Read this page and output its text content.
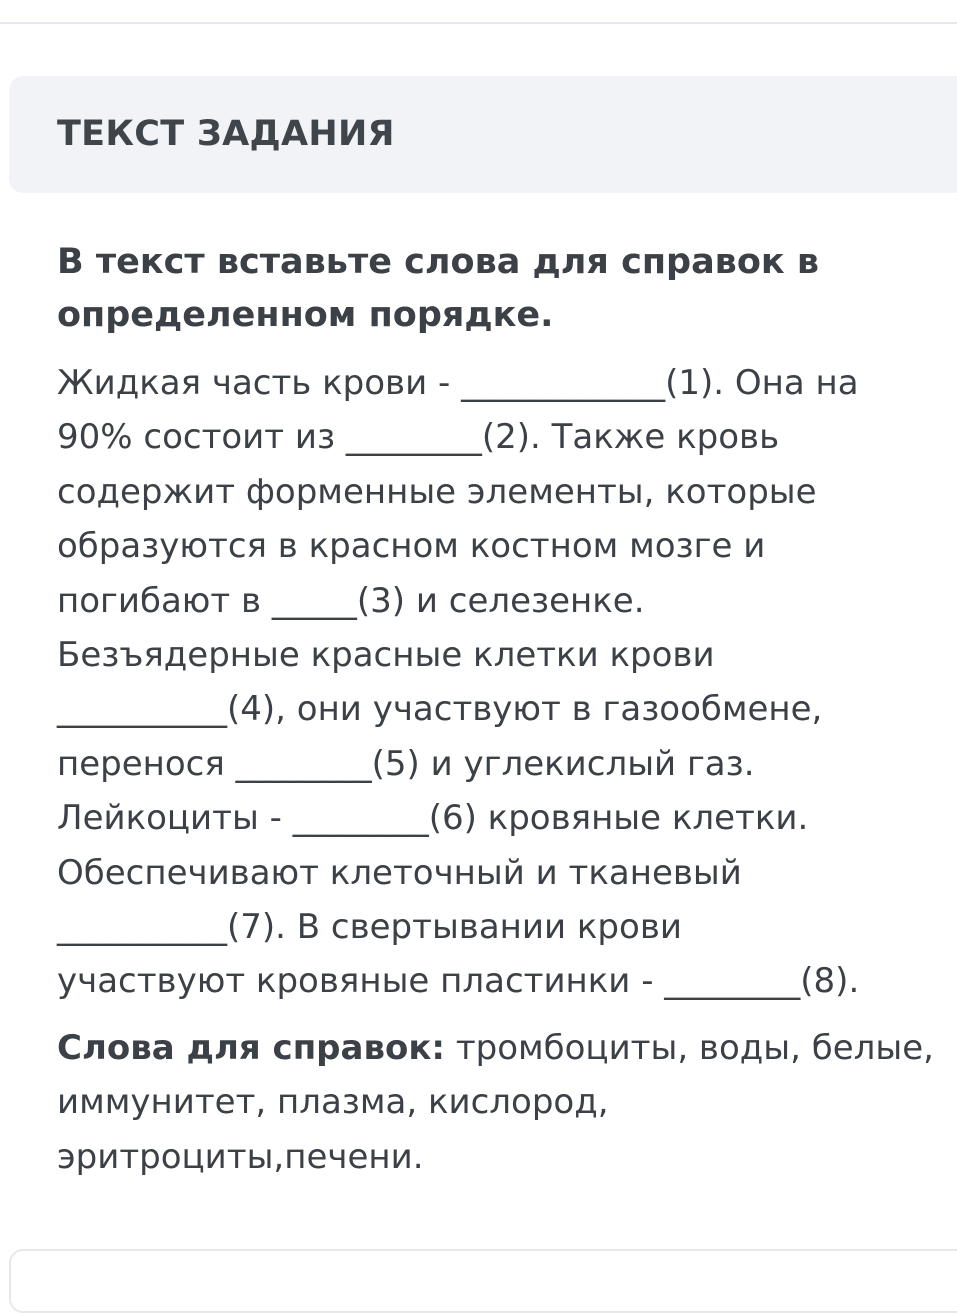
ТЕКСТ ЗАДАНИЯ

В текст вставьте слова для справок в определенном порядке.

Жидкая часть крови - ____________(1). Она на
90% состоит из ________(2). Также кровь
содержит форменные элементы, которые
образуются в красном костном мозге и
погибают в _____(3) и селезенке.
Безъядерные красные клетки крови
__________(4), они участвуют в газообмене,
перенося ________(5) и углекислый газ.
Лейкоциты - ________(6) кровяные клетки.
Обеспечивают клеточный и тканевый
__________(7). В свертывании крови
участвуют кровяные пластинки - ________(8).

Слова для справок: тромбоциты, воды, белые, иммунитет, плазма, кислород, эритроциты,печени.
